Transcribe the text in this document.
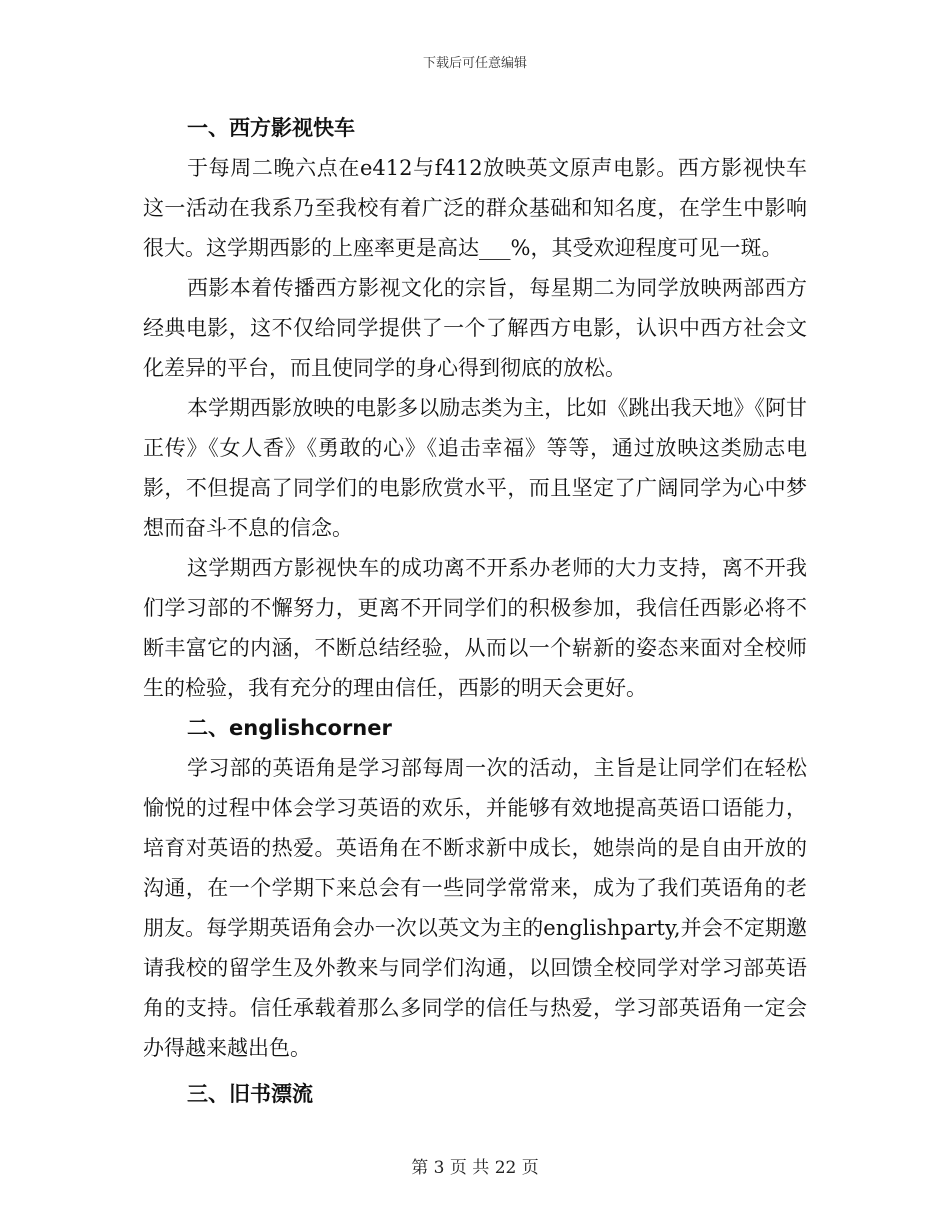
下载后可任意编辑
一、西方影视快车

于每周二晚六点在e412与f412放映英文原声电影。西方影视快车这一活动在我系乃至我校有着广泛的群众基础和知名度，在学生中影响很大。这学期西影的上座率更是高达___%，其受欢迎程度可见一斑。

西影本着传播西方影视文化的宗旨，每星期二为同学放映两部西方经典电影，这不仅给同学提供了一个了解西方电影，认识中西方社会文化差异的平台，而且使同学的身心得到彻底的放松。

本学期西影放映的电影多以励志类为主，比如《跳出我天地》《阿甘正传》《女人香》《勇敢的心》《追击幸福》等等，通过放映这类励志电影，不但提高了同学们的电影欣赏水平，而且坚定了广阔同学为心中梦想而奋斗不息的信念。

这学期西方影视快车的成功离不开系办老师的大力支持，离不开我们学习部的不懈努力，更离不开同学们的积极参加，我信任西影必将不断丰富它的内涵，不断总结经验，从而以一个崭新的姿态来面对全校师生的检验，我有充分的理由信任，西影的明天会更好。

二、englishcorner

学习部的英语角是学习部每周一次的活动，主旨是让同学们在轻松愉悦的过程中体会学习英语的欢乐，并能够有效地提高英语口语能力，培育对英语的热爱。英语角在不断求新中成长，她崇尚的是自由开放的沟通，在一个学期下来总会有一些同学常常来，成为了我们英语角的老朋友。每学期英语角会办一次以英文为主的englishparty,并会不定期邀请我校的留学生及外教来与同学们沟通，以回馈全校同学对学习部英语角的支持。信任承载着那么多同学的信任与热爱，学习部英语角一定会办得越来越出色。

三、旧书漂流
第 3 页 共 22 页
